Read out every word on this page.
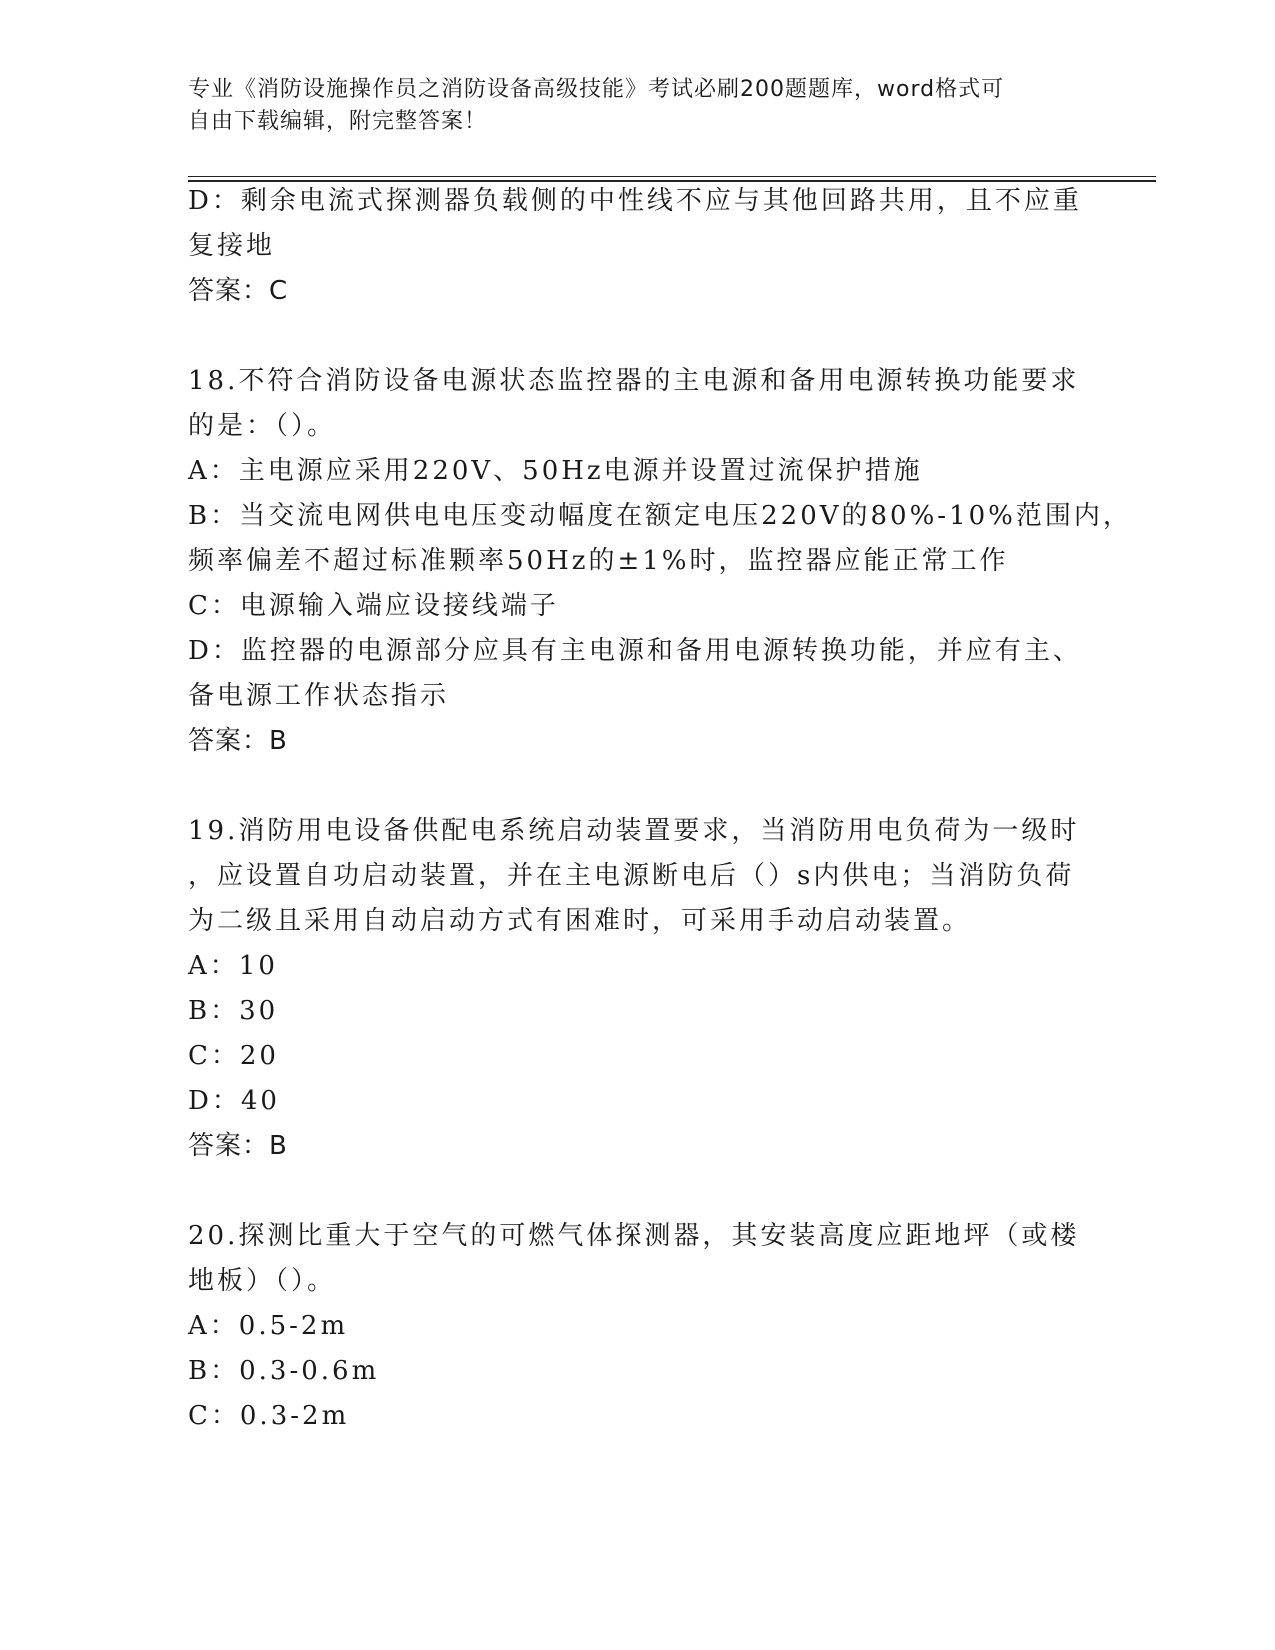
专业《消防设施操作员之消防设备高级技能》考试必刷200题题库，word格式可
自由下载编辑，附完整答案！
D：剩余电流式探测器负载侧的中性线不应与其他回路共用，且不应重
复接地
答案：C
18.不符合消防设备电源状态监控器的主电源和备用电源转换功能要求
的是：（）。
A：主电源应采用220V、50Hz电源并设置过流保护措施
B：当交流电网供电电压变动幅度在额定电压220V的80%-10%范围内，
频率偏差不超过标准颗率50Hz的±1%时，监控器应能正常工作
C：电源输入端应设接线端子
D：监控器的电源部分应具有主电源和备用电源转换功能，并应有主、
备电源工作状态指示
答案：B
19.消防用电设备供配电系统启动装置要求，当消防用电负荷为一级时
，应设置自功启动装置，并在主电源断电后（）s内供电；当消防负荷
为二级且采用自动启动方式有困难时，可采用手动启动装置。
A：10
B：30
C：20
D：40
答案：B
20.探测比重大于空气的可燃气体探测器，其安装高度应距地坪（或楼
地板）（）。
A：0.5-2m
B：0.3-0.6m
C：0.3-2m
